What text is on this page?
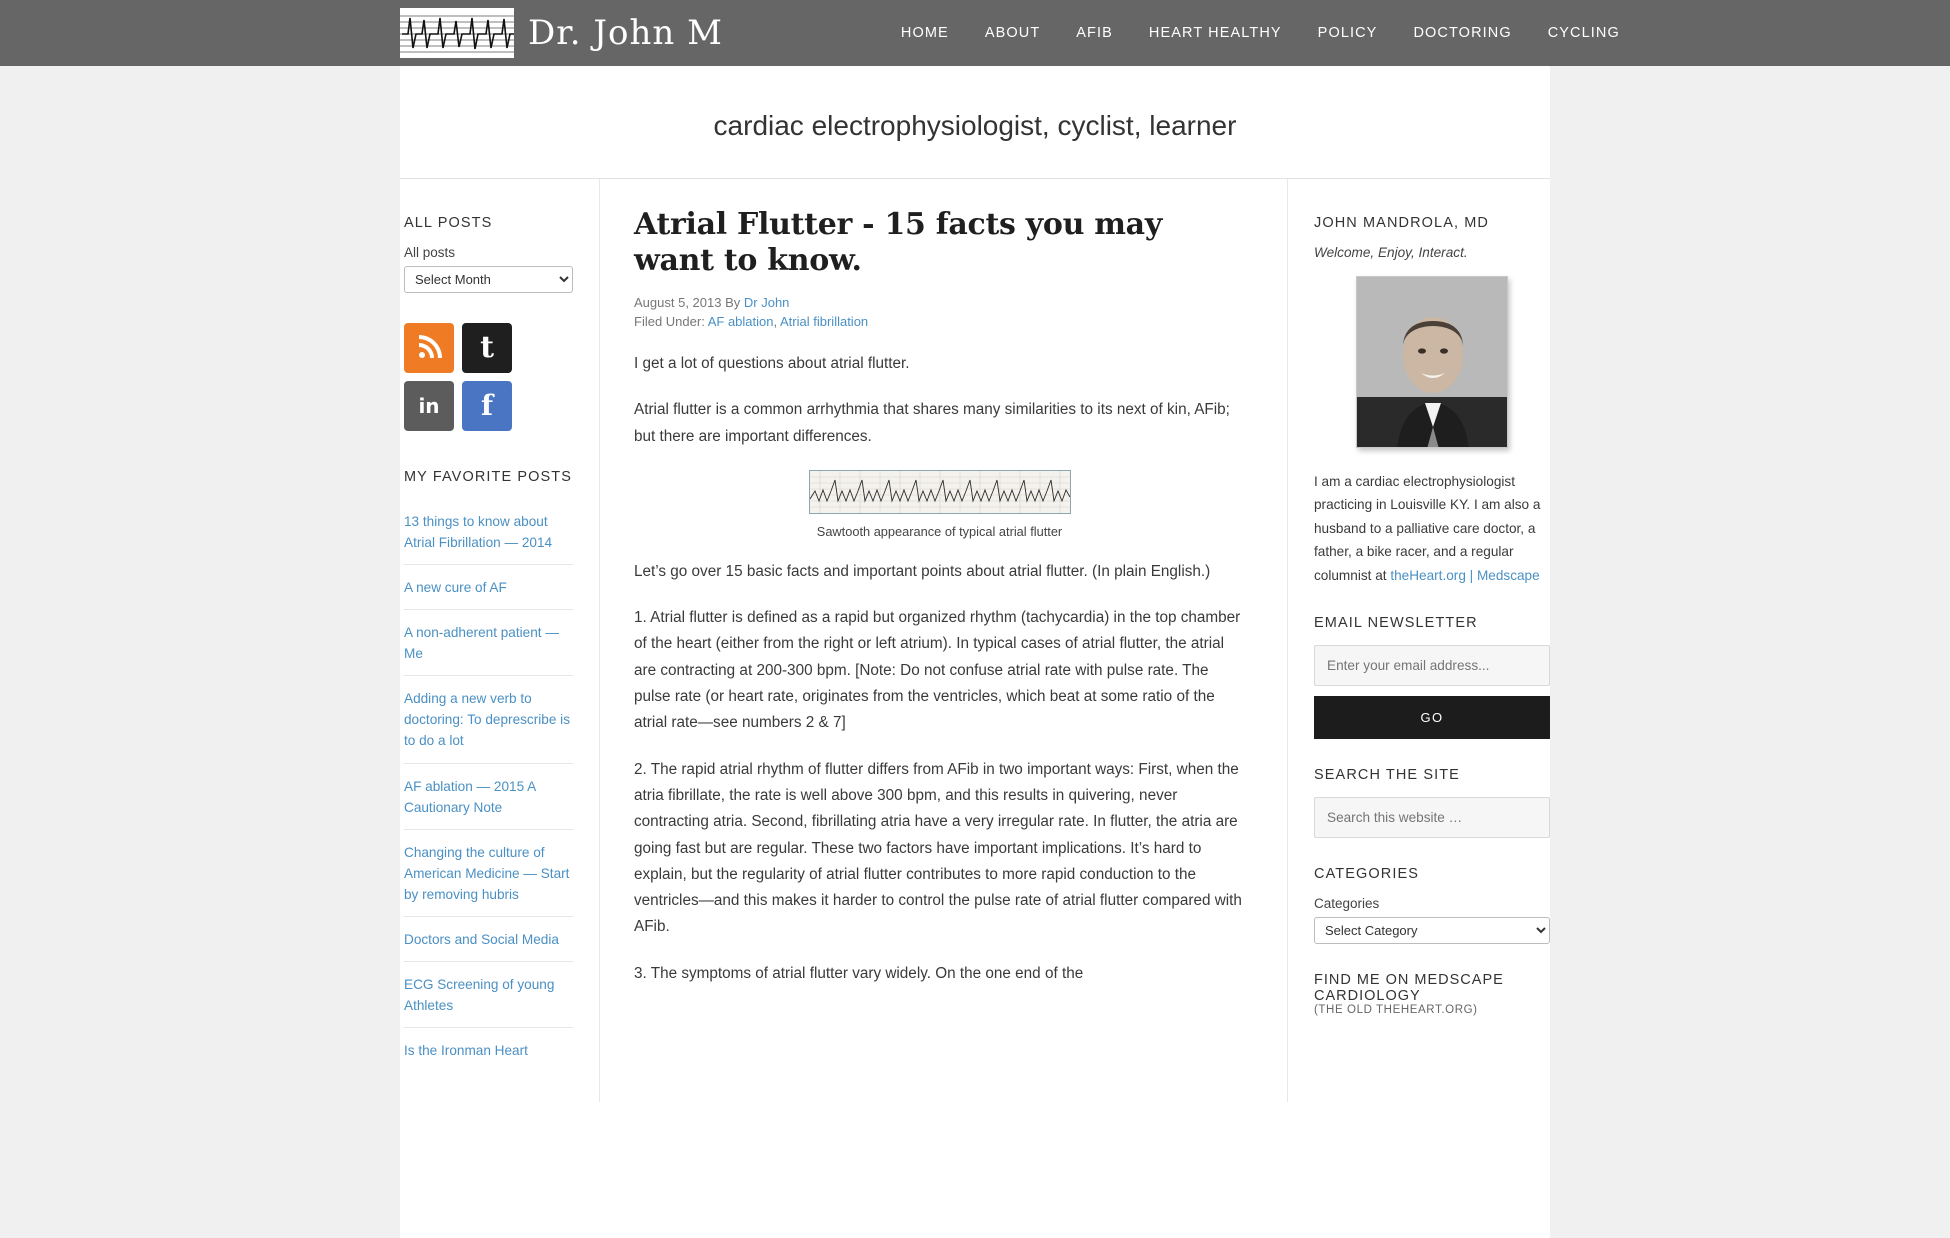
Dr. John M	HOME	ABOUT	AFIB	HEART HEALTHY	POLICY	DOCTORING	CYCLING
cardiac electrophysiologist, cyclist, learner
ALL POSTS
All posts
Select Month
t
in f
MY FAVORITE POSTS
13 things to know about Atrial Fibrillation — 2014
A new cure of AF
A non-adherent patient — Me
Adding a new verb to doctoring: To deprescribe is to do a lot
AF ablation — 2015 A Cautionary Note
Changing the culture of American Medicine — Start by removing hubris
Doctors and Social Media
ECG Screening of young Athletes
Is the Ironman Heart
Atrial Flutter - 15 facts you may want to know.
August 5, 2013 By Dr John
Filed Under: AF ablation, Atrial fibrillation

I get a lot of questions about atrial flutter.

Atrial flutter is a common arrhythmia that shares many similarities to its next of kin, AFib; but there are important differences.

Sawtooth appearance of typical atrial flutter

Let’s go over 15 basic facts and important points about atrial flutter. (In plain English.)

1. Atrial flutter is defined as a rapid but organized rhythm (tachycardia) in the top chamber of the heart (either from the right or left atrium). In typical cases of atrial flutter, the atrial are contracting at 200-300 bpm. [Note: Do not confuse atrial rate with pulse rate. The pulse rate (or heart rate, originates from the ventricles, which beat at some ratio of the atrial rate—see numbers 2 & 7]

2. The rapid atrial rhythm of flutter differs from AFib in two important ways: First, when the atria fibrillate, the rate is well above 300 bpm, and this results in quivering, never contracting atria. Second, fibrillating atria have a very irregular rate. In flutter, the atria are going fast but are regular. These two factors have important implications. It’s hard to explain, but the regularity of atrial flutter contributes to more rapid conduction to the ventricles—and this makes it harder to control the pulse rate of atrial flutter compared with AFib.

3. The symptoms of atrial flutter vary widely. On the one end of the

JOHN MANDROLA, MD
Welcome, Enjoy, Interact.

I am a cardiac electrophysiologist practicing in Louisville KY. I am also a husband to a palliative care doctor, a father, a bike racer, and a regular columnist at theHeart.org | Medscape

EMAIL NEWSLETTER
Enter your email address... GO
SEARCH THE SITE
Search this website …
CATEGORIES
Categories
Select Category
FIND ME ON MEDSCAPE CARDIOLOGY
(THE OLD THEHEART.ORG)
